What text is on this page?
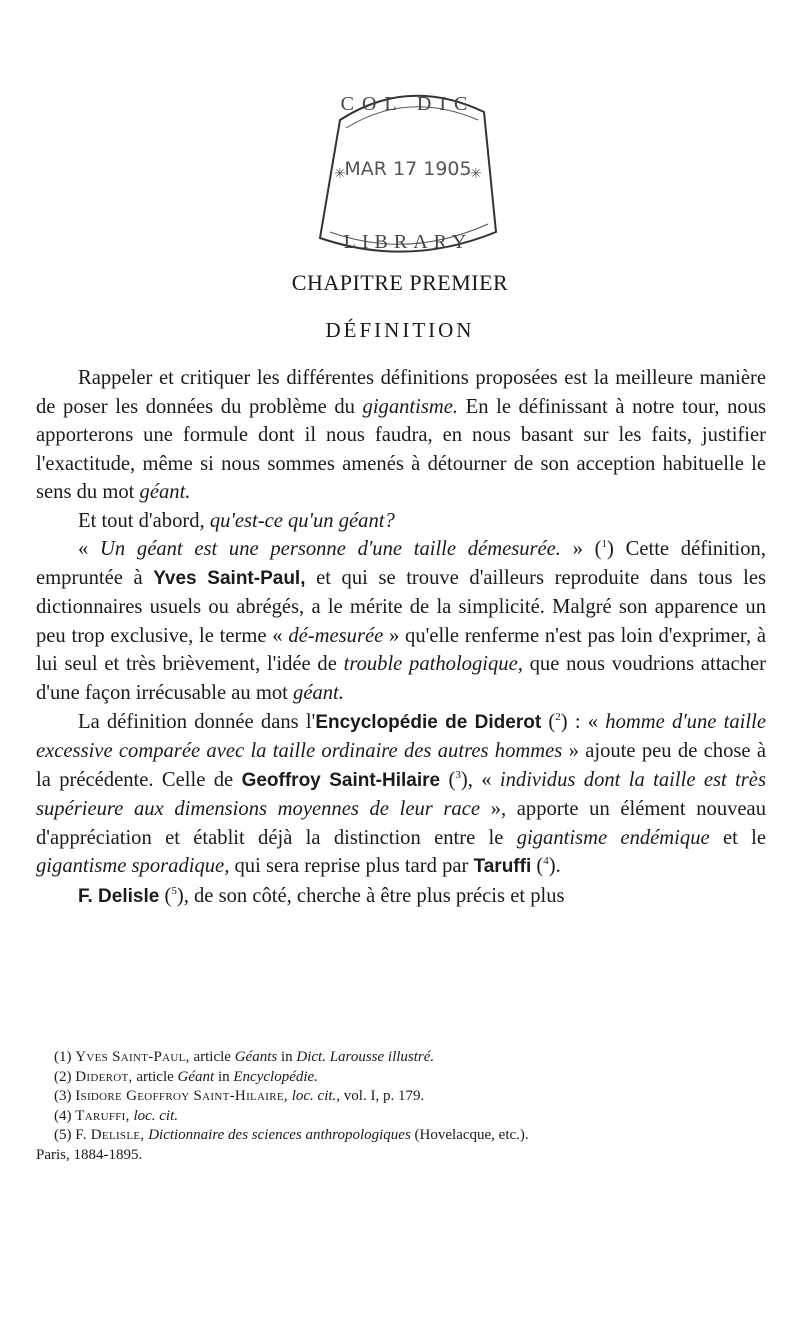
COL DIC
MAR 17 1905
LIBRARY
✳	✳
CHAPITRE PREMIER
DÉFINITION

Rappeler et critiquer les différentes définitions proposées est la meilleure manière de poser les données du problème du gigantisme. En le définissant à notre tour, nous apporterons une formule dont il nous faudra, en nous basant sur les faits, justifier l'exactitude, même si nous sommes amenés à détourner de son acception habituelle le sens du mot géant.

Et tout d'abord, qu'est-ce qu'un géant?

« Un géant est une personne d'une taille démesurée. » ($^1$) Cette définition, empruntée à Yves Saint-Paul, et qui se trouve d'ailleurs reproduite dans tous les dictionnaires usuels ou abrégés, a le mérite de la simplicité. Malgré son apparence un peu trop exclusive, le terme « dé-mesurée » qu'elle renferme n'est pas loin d'exprimer, à lui seul et très brièvement, l'idée de trouble pathologique, que nous voudrions attacher d'une façon irrécusable au mot géant.

La définition donnée dans l'Encyclopédie de Diderot ($^2$) : « homme d'une taille excessive comparée avec la taille ordinaire des autres hommes » ajoute peu de chose à la précédente. Celle de Geoffroy Saint-Hilaire ($^3$), « individus dont la taille est très supérieure aux dimensions moyennes de leur race », apporte un élément nouveau d'appréciation et établit déjà la distinction entre le gigantisme endémique et le gigantisme sporadique, qui sera reprise plus tard par Taruffi ($^4$).

F. Delisle ($^5$), de son côté, cherche à être plus précis et plus

(1) Yves Saint-Paul, article Géants in Dict. Larousse illustré.

(2) Diderot, article Géant in Encyclopédie.

(3) Isidore Geoffroy Saint-Hilaire, loc. cit., vol. I, p. 179.

(4) Taruffi, loc. cit.

(5) F. Delisle, Dictionnaire des sciences anthropologiques (Hovelacque, etc.).

Paris, 1884-1895.
